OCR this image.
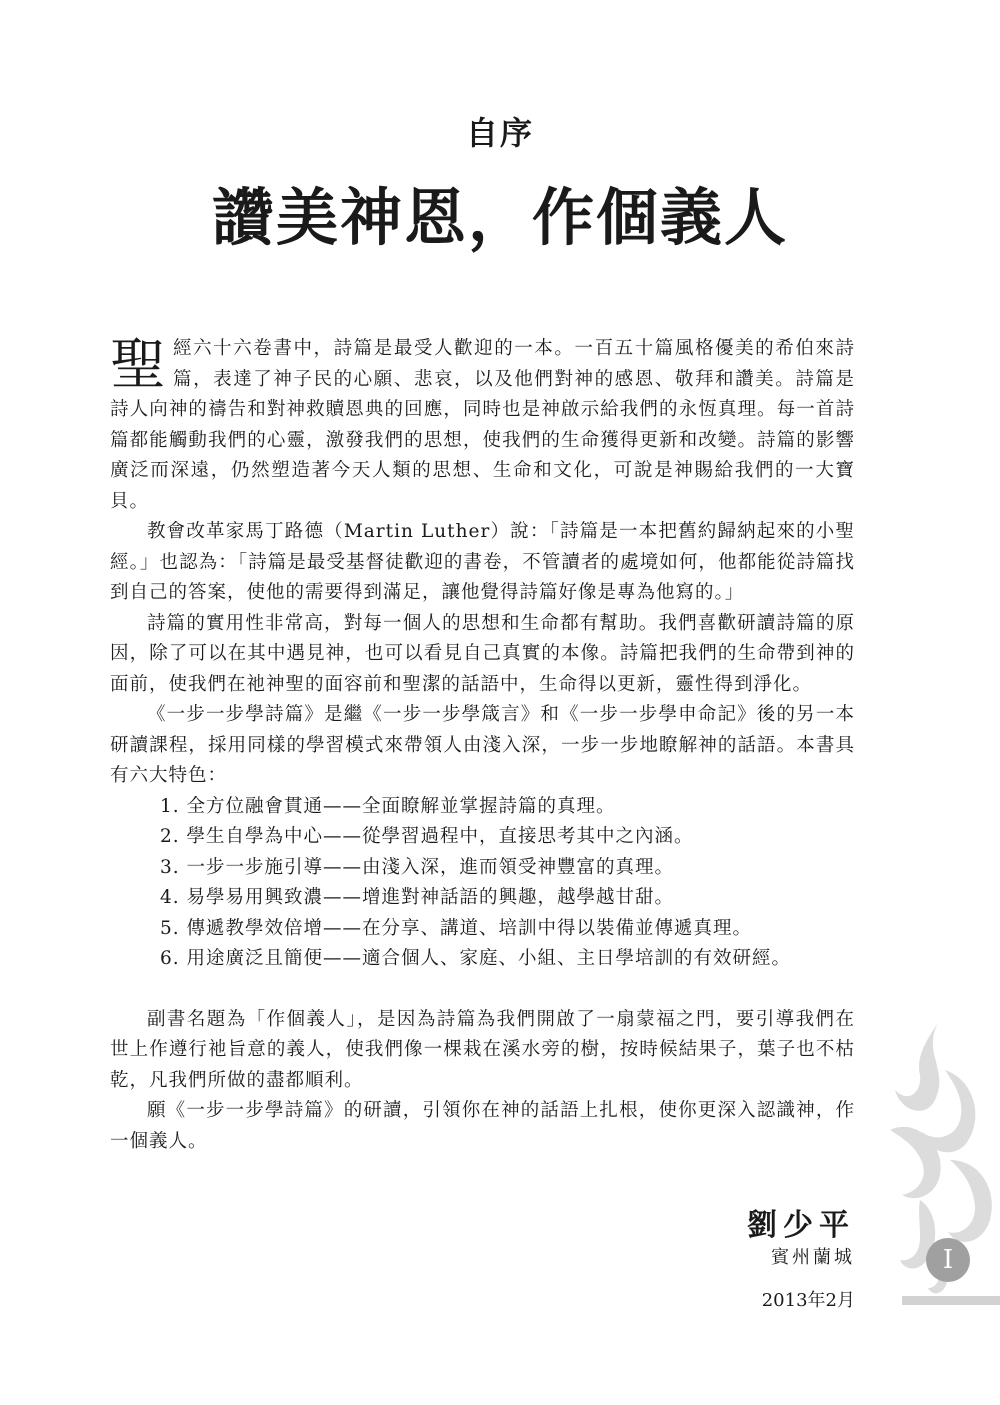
自序
讚美神恩，作個義人

聖經六十六卷書中，詩篇是最受人歡迎的一本。一百五十篇風格優美的希伯來詩篇，表達了神子民的心願、悲哀，以及他們對神的感恩、敬拜和讚美。詩篇是詩人向神的禱告和對神救贖恩典的回應，同時也是神啟示給我們的永恆真理。每一首詩篇都能觸動我們的心靈，激發我們的思想，使我們的生命獲得更新和改變。詩篇的影響廣泛而深遠，仍然塑造著今天人類的思想、生命和文化，可說是神賜給我們的一大寶貝。

教會改革家馬丁路德（Martin Luther）說：「詩篇是一本把舊約歸納起來的小聖經。」也認為：「詩篇是最受基督徒歡迎的書卷，不管讀者的處境如何，他都能從詩篇找到自己的答案，使他的需要得到滿足，讓他覺得詩篇好像是專為他寫的。」

詩篇的實用性非常高，對每一個人的思想和生命都有幫助。我們喜歡研讀詩篇的原因，除了可以在其中遇見神，也可以看見自己真實的本像。詩篇把我們的生命帶到神的面前，使我們在祂神聖的面容前和聖潔的話語中，生命得以更新，靈性得到淨化。

《一步一步學詩篇》是繼《一步一步學箴言》和《一步一步學申命記》後的另一本研讀課程，採用同樣的學習模式來帶領人由淺入深，一步一步地瞭解神的話語。本書具有六大特色：

1. 全方位融會貫通——全面瞭解並掌握詩篇的真理。
2. 學生自學為中心——從學習過程中，直接思考其中之內涵。
3. 一步一步施引導——由淺入深，進而領受神豐富的真理。
4. 易學易用興致濃——增進對神話語的興趣，越學越甘甜。
5. 傳遞教學效倍增——在分享、講道、培訓中得以裝備並傳遞真理。
6. 用途廣泛且簡便——適合個人、家庭、小組、主日學培訓的有效研經。

副書名題為「作個義人」，是因為詩篇為我們開啟了一扇蒙福之門，要引導我們在世上作遵行祂旨意的義人，使我們像一棵栽在溪水旁的樹，按時候結果子，葉子也不枯乾，凡我們所做的盡都順利。

願《一步一步學詩篇》的研讀，引領你在神的話語上扎根，使你更深入認識神，作一個義人。

劉少平
賓州蘭城
2013年2月
I
